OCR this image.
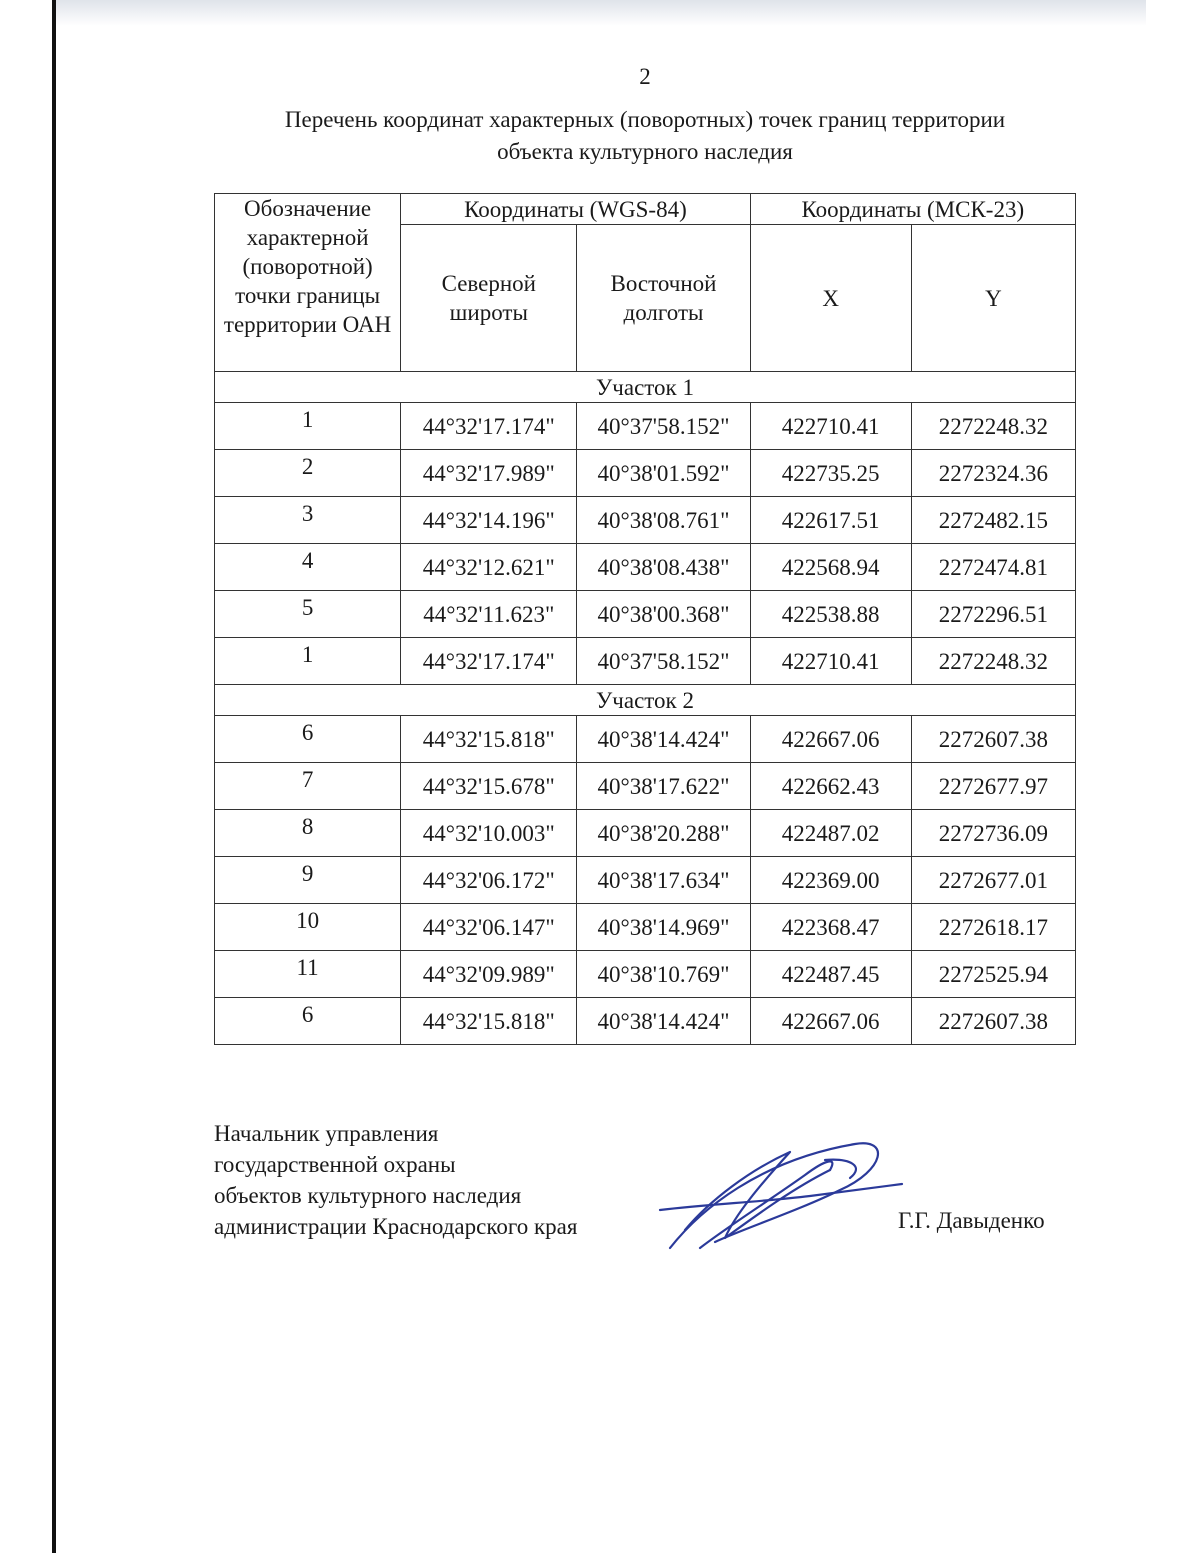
2
Перечень координат характерных (поворотных) точек границ территории
объекта культурного наследия
Обозначение характерной (поворотной) точки границы территории ОАН	Координаты (WGS-84)		Координаты (МСК-23)	
	Северной широты	Восточной долготы	X	Y
Участок 1				
1	44°32'17.174"	40°37'58.152"	422710.41	2272248.32
2	44°32'17.989"	40°38'01.592"	422735.25	2272324.36
3	44°32'14.196"	40°38'08.761"	422617.51	2272482.15
4	44°32'12.621"	40°38'08.438"	422568.94	2272474.81
5	44°32'11.623"	40°38'00.368"	422538.88	2272296.51
1	44°32'17.174"	40°37'58.152"	422710.41	2272248.32
Участок 2				
6	44°32'15.818"	40°38'14.424"	422667.06	2272607.38
7	44°32'15.678"	40°38'17.622"	422662.43	2272677.97
8	44°32'10.003"	40°38'20.288"	422487.02	2272736.09
9	44°32'06.172"	40°38'17.634"	422369.00	2272677.01
10	44°32'06.147"	40°38'14.969"	422368.47	2272618.17
11	44°32'09.989"	40°38'10.769"	422487.45	2272525.94
6	44°32'15.818"	40°38'14.424"	422667.06	2272607.38
Начальник управления
государственной охраны
объектов культурного наследия
администрации Краснодарского края	Г.Г. Давыденко
